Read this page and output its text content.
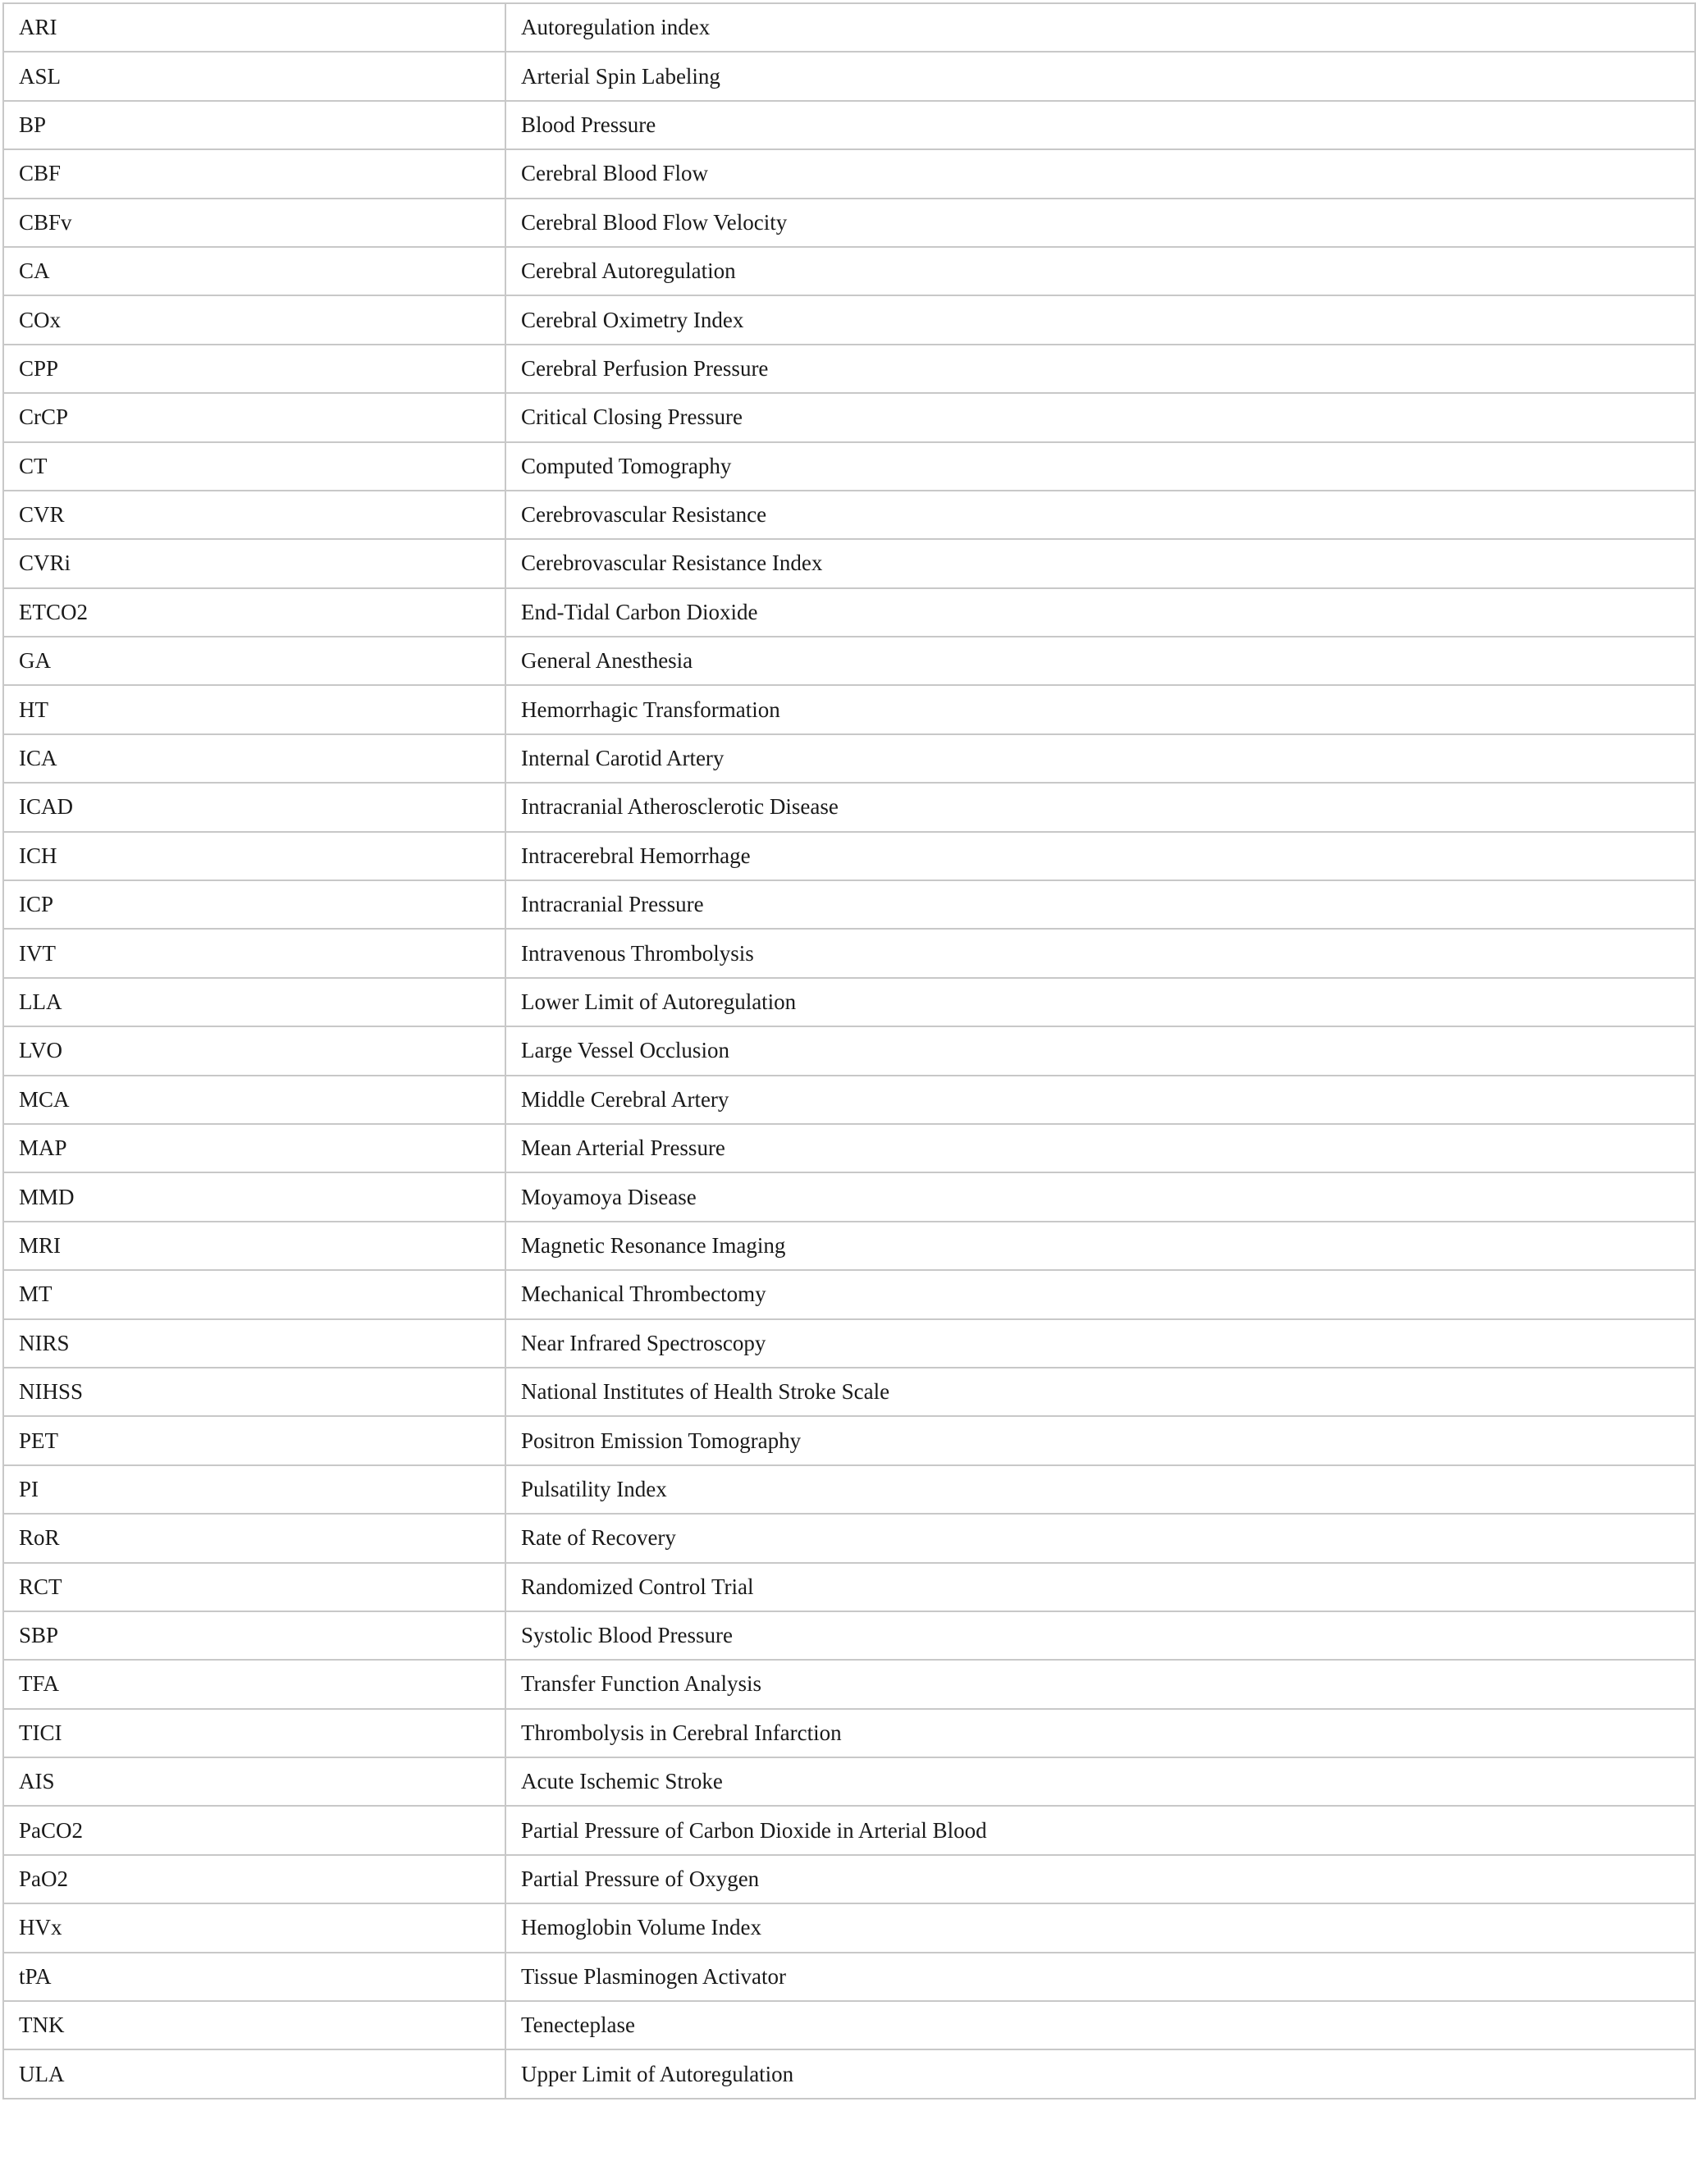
ARI	Autoregulation index
ASL	Arterial Spin Labeling
BP	Blood Pressure
CBF	Cerebral Blood Flow
CBFv	Cerebral Blood Flow Velocity
CA	Cerebral Autoregulation
COx	Cerebral Oximetry Index
CPP	Cerebral Perfusion Pressure
CrCP	Critical Closing Pressure
CT	Computed Tomography
CVR	Cerebrovascular Resistance
CVRi	Cerebrovascular Resistance Index
ETCO2	End-Tidal Carbon Dioxide
GA	General Anesthesia
HT	Hemorrhagic Transformation
ICA	Internal Carotid Artery
ICAD	Intracranial Atherosclerotic Disease
ICH	Intracerebral Hemorrhage
ICP	Intracranial Pressure
IVT	Intravenous Thrombolysis
LLA	Lower Limit of Autoregulation
LVO	Large Vessel Occlusion
MCA	Middle Cerebral Artery
MAP	Mean Arterial Pressure
MMD	Moyamoya Disease
MRI	Magnetic Resonance Imaging
MT	Mechanical Thrombectomy
NIRS	Near Infrared Spectroscopy
NIHSS	National Institutes of Health Stroke Scale
PET	Positron Emission Tomography
PI	Pulsatility Index
RoR	Rate of Recovery
RCT	Randomized Control Trial
SBP	Systolic Blood Pressure
TFA	Transfer Function Analysis
TICI	Thrombolysis in Cerebral Infarction
AIS	Acute Ischemic Stroke
PaCO2	Partial Pressure of Carbon Dioxide in Arterial Blood
PaO2	Partial Pressure of Oxygen
HVx	Hemoglobin Volume Index
tPA	Tissue Plasminogen Activator
TNK	Tenecteplase
ULA	Upper Limit of Autoregulation
